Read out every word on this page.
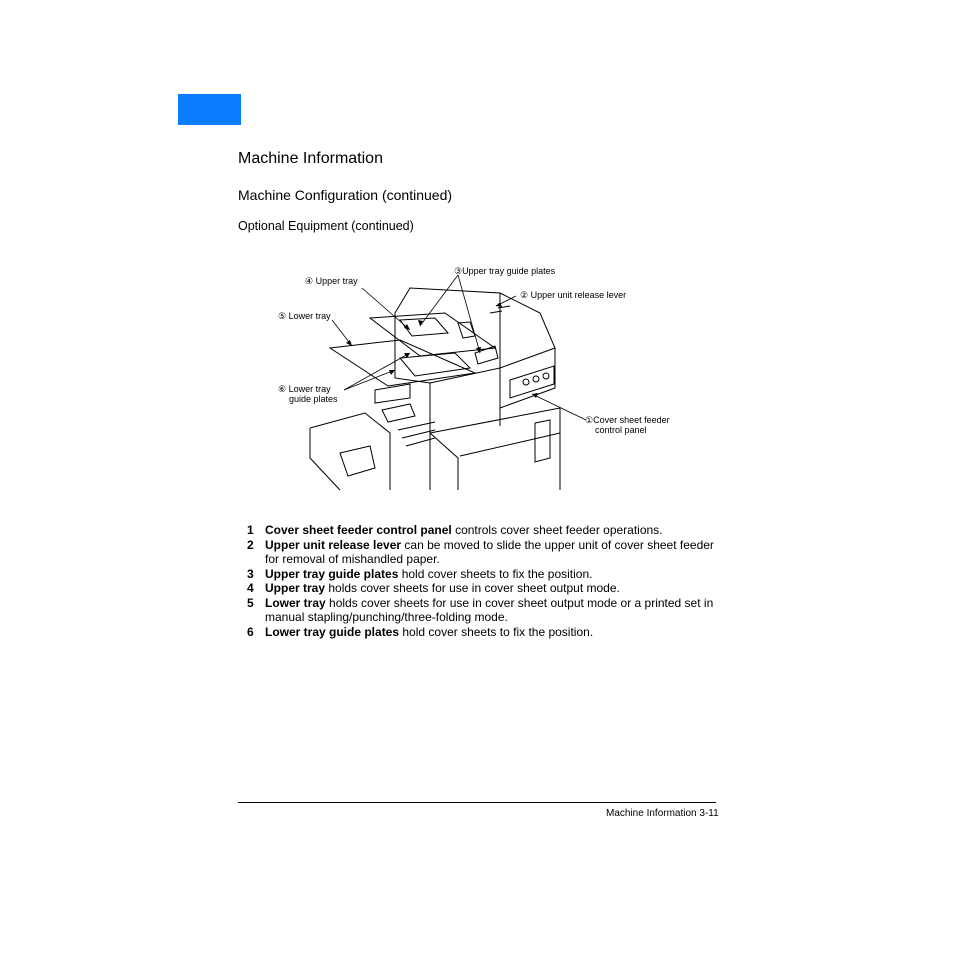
Machine Information
Machine Configuration (continued)
Optional Equipment (continued)
④ Upper tray
③Upper tray guide plates
② Upper unit release lever
⑤ Lower tray
⑥ Lower tray
guide plates
①Cover sheet feeder
control panel
1 Cover sheet feeder control panel controls cover sheet feeder operations.
2 Upper unit release lever can be moved to slide the upper unit of cover sheet feeder for removal of mishandled paper.
3 Upper tray guide plates hold cover sheets to fix the position.
4 Upper tray holds cover sheets for use in cover sheet output mode.
5 Lower tray holds cover sheets for use in cover sheet output mode or a printed set in manual stapling/punching/three-folding mode.
6 Lower tray guide plates hold cover sheets to fix the position.
Machine Information 3-11
